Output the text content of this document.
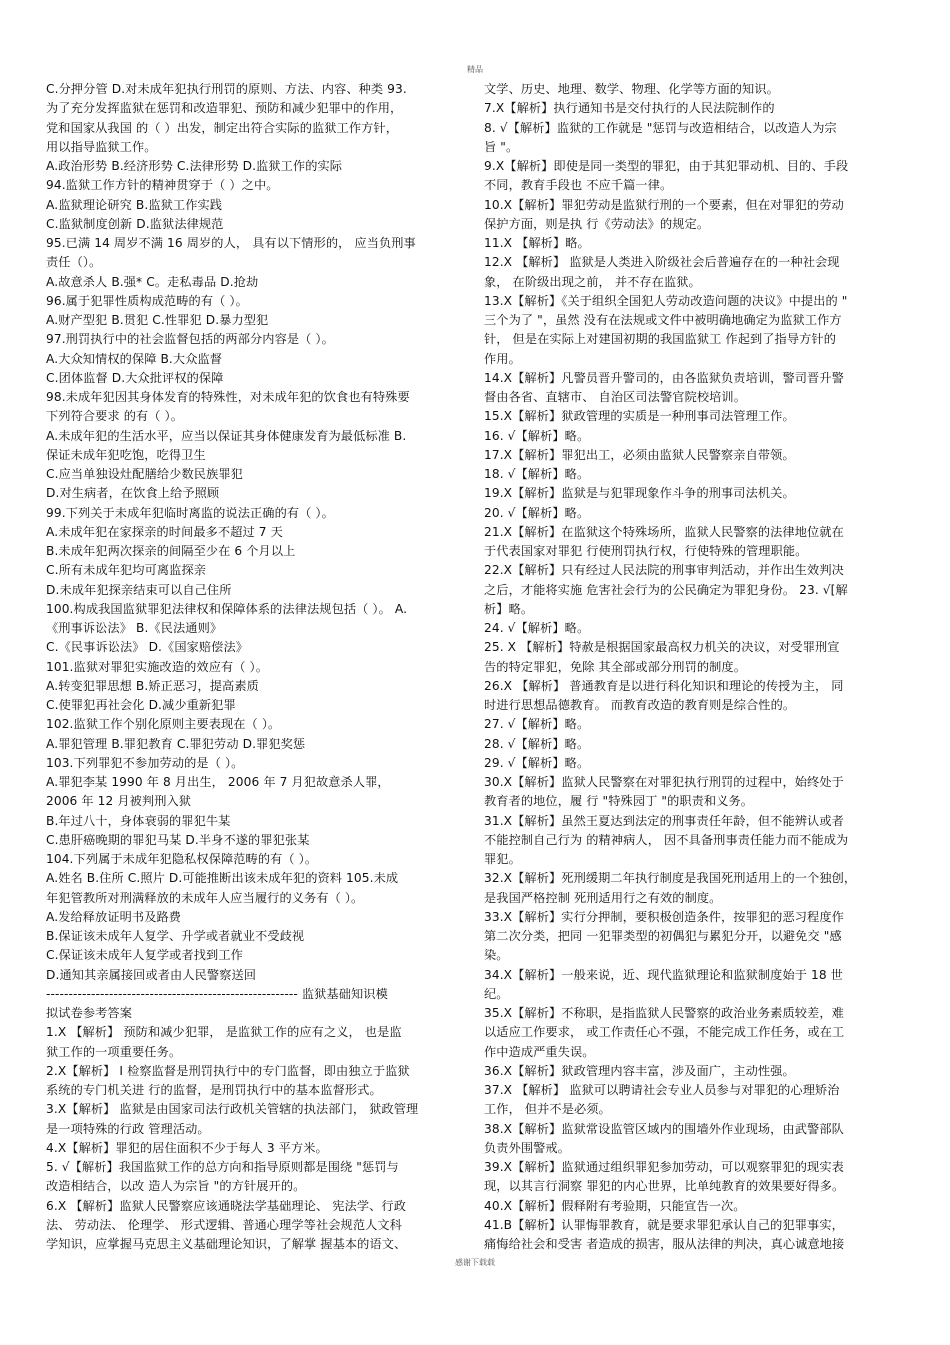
精品
C.分押分管 D.对未成年犯执行刑罚的原则、方法、内容、种类 93.
为了充分发挥监狱在惩罚和改造罪犯、预防和减少犯罪中的作用，
党和国家从我国 的（ ）出发，制定出符合实际的监狱工作方针，
用以指导监狱工作。
A.政治形势 B.经济形势 C.法律形势 D.监狱工作的实际
94.监狱工作方针的精神贯穿于（ ）之中。
A.监狱理论研究 B.监狱工作实践
C.监狱制度创新 D.监狱法律规范
95.已满 14 周岁不满 16 周岁的人， 具有以下情形的， 应当负刑事
责任（）。
A.故意杀人 B.强* C。走私毒品 D.抢劫
96.属于犯罪性质构成范畴的有（ ）。
A.财产型犯 B.贯犯 C.性罪犯 D.暴力型犯
97.刑罚执行中的社会监督包括的两部分内容是（ ）。
A.大众知情权的保障 B.大众监督
C.团体监督 D.大众批评权的保障
98.未成年犯因其身体发育的特殊性，对未成年犯的饮食也有特殊要
下列符合要求 的有（ ）。
A.未成年犯的生活水平，应当以保证其身体健康发育为最低标准 B.
保证未成年犯吃饱，吃得卫生
C.应当单独设灶配膳给少数民族罪犯
D.对生病者，在饮食上给予照顾
99.下列关于未成年犯临时离监的说法正确的有（ ）。
A.未成年犯在家探亲的时间最多不超过 7 天
B.未成年犯两次探亲的间隔至少在 6 个月以上
C.所有未成年犯均可离监探亲
D.未成年犯探亲结束可以自己住所
100.构成我国监狱罪犯法律权和保障体系的法律法规包括（ ）。 A.
《刑事诉讼法》 B.《民法通则》
C.《民事诉讼法》 D.《国家赔偿法》
101.监狱对罪犯实施改造的效应有（ ）。
A.转变犯罪思想 B.矫正恶习，提高素质
C.使罪犯再社会化 D.减少重新犯罪
102.监狱工作个别化原则主要表现在（ ）。
A.罪犯管理 B.罪犯教育 C.罪犯劳动 D.罪犯奖惩
103.下列罪犯不参加劳动的是（ ）。
A.罪犯李某 1990 年 8 月出生， 2006 年 7 月犯故意杀人罪，
2006 年 12 月被判刑入狱
B.年过八十，身体衰弱的罪犯牛某
C.患肝癌晚期的罪犯马某 D.半身不遂的罪犯张某
104.下列属于未成年犯隐私权保障范畴的有（ ）。
A.姓名 B.住所 C.照片 D.可能推断出该未成年犯的资料 105.未成
年犯管教所对刑满释放的未成年人应当履行的义务有（ ）。
A.发给释放证明书及路费
B.保证该未成年人复学、升学或者就业不受歧视
C.保证该未成年人复学或者找到工作
D.通知其亲属接回或者由人民警察送回
-------------------------------------------------------- 监狱基础知识模
拟试卷参考答案
1.X 【解析】 预防和减少犯罪， 是监狱工作的应有之义， 也是监
狱工作的一项重要任务。
2.X【解析】 I 检察监督是刑罚执行中的专门监督，即由独立于监狱
系统的专门机关进 行的监督，是刑罚执行中的基本监督形式。
3.X【解析】 监狱是由国家司法行政机关管辖的执法部门， 狱政管理
是一项特殊的行政 管理活动。
4.X【解析】罪犯的居住面积不少于每人 3 平方米。
5. √【解析】我国监狱工作的总方向和指导原则都是围绕 "惩罚与
改造相结合，以改 造人为宗旨 "的方针展开的。
6.X 【解析】监狱人民警察应该通晓法学基础理论、 宪法学、行政
法、 劳动法、 伦理学、 形式逻辑、普通心理学等社会规范人文科
学知识，应掌握马克思主义基础理论知识，了解掌 握基本的语文、
文学、历史、地理、数学、物理、化学等方面的知识。
7.X【解析】执行通知书是交付执行的人民法院制作的
8. √【解析】监狱的工作就是 "惩罚与改造相结合，以改造人为宗
旨 "。
9.X【解析】即使是同一类型的罪犯，由于其犯罪动机、目的、手段
不同，教育手段也 不应千篇一律。
10.X【解析】罪犯劳动是监狱行刑的一个要素，但在对罪犯的劳动
保护方面，则是执 行《劳动法》的规定。
11.X 【解析】略。
12.X 【解析】 监狱是人类进入阶级社会后普遍存在的一种社会现
象， 在阶级出现之前， 并不存在监狱。
13.X【解析】《关于组织全国犯人劳动改造问题的决议》中提出的 "
三个为了 "，虽然 没有在法规或文件中被明确地确定为监狱工作方
针， 但是在实际上对建国初期的我国监狱工 作起到了指导方针的
作用。
14.X【解析】凡警员晋升警司的，由各监狱负责培训，警司晋升警
督由各省、直辖市、 自治区司法警官院校培训。
15.X【解析】狱政管理的实质是一种刑事司法管理工作。
16. √【解析】略。
17.X【解析】罪犯出工，必须由监狱人民警察亲自带领。
18. √【解析】略。
19.X【解析】监狱是与犯罪现象作斗争的刑事司法机关。
20. √【解析】略。
21.X【解析】在监狱这个特殊场所，监狱人民警察的法律地位就在
于代表国家对罪犯 行使刑罚执行权，行使特殊的管理职能。
22.X【解析】只有经过人民法院的刑事审判活动，并作出生效判决
之后，才能将实施 危害社会行为的公民确定为罪犯身份。 23. √[解
析】略。
24. √【解析】略。
25. X 【解析】特赦是根据国家最高权力机关的决议，对受罪刑宣
告的特定罪犯，免除 其全部或部分刑罚的制度。
26.X 【解析】 普通教育是以进行科化知识和理论的传授为主， 同
时进行思想品德教育。 而教育改造的教育则是综合性的。
27. √【解析】略。
28. √【解析】略。
29. √【解析】略。
30.X【解析】监狱人民警察在对罪犯执行刑罚的过程中，始终处于
教育者的地位，履 行 "特殊园丁 "的职责和义务。
31.X【解析】虽然王夏达到法定的刑事责任年龄，但不能辨认或者
不能控制自己行为 的精神病人， 因不具备刑事责任能力而不能成为
罪犯。
32.X【解析】死刑缓期二年执行制度是我国死刑适用上的一个独创，
是我国严格控制 死刑适用行之有效的制度。
33.X【解析】实行分押制，要积极创造条件，按罪犯的恶习程度作
第二次分类，把同 一犯罪类型的初偶犯与累犯分开，以避免交 "感
染。
34.X【解析】一般来说，近、现代监狱理论和监狱制度始于 18 世
纪。
35.X【解析】不称职，是指监狱人民警察的政治业务素质较差，难
以适应工作要求， 或工作责任心不强，不能完成工作任务，或在工
作中造成严重失误。
36.X【解析】狱政管理内容丰富，涉及面广，主动性强。
37.X 【解析】 监狱可以聘请社会专业人员参与对罪犯的心理矫治
工作， 但并不是必须。
38.X【解析】监狱常设监管区域内的围墙外作业现场，由武警部队
负责外围警戒。
39.X【解析】监狱通过组织罪犯参加劳动，可以观察罪犯的现实表
现，以其言行洞察 罪犯的内心世界，比单纯教育的效果要好得多。
40.X【解析】假释附有考验期，只能宣告一次。
41.B【解析】认罪悔罪教育，就是要求罪犯承认自己的犯罪事实，
痛悔给社会和受害 者造成的损害，服从法律的判决，真心诚意地接
感谢下载载
